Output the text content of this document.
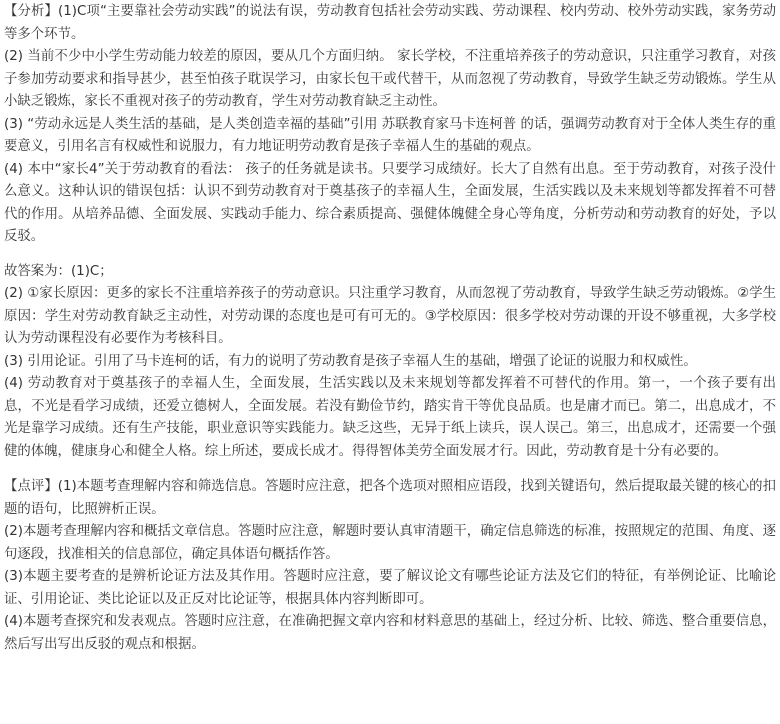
【分析】(1)C项“主要靠社会劳动实践”的说法有误，劳动教育包括社会劳动实践、劳动课程、校内劳动、校外劳动实践，家务劳动等多个环节。

(2) 当前不少中小学生劳动能力较差的原因，要从几个方面归纳。 家长学校，不注重培养孩子的劳动意识，只注重学习教育，对孩子参加劳动要求和指导甚少，甚至怕孩子耽误学习，由家长包干或代替干，从而忽视了劳动教育，导致学生缺乏劳动锻炼。学生从小缺乏锻炼，家长不重视对孩子的劳动教育，学生对劳动教育缺乏主动性。

(3) “劳动永远是人类生活的基础，是人类创造幸福的基础”引用 苏联教育家马卡连柯普 的话，强调劳动教育对于全体人类生存的重要意义，引用名言有权威性和说服力，有力地证明劳动教育是孩子幸福人生的基础的观点。

(4) 本中“家长4”关于劳动教育的看法： 孩子的任务就是读书。只要学习成绩好。长大了自然有出息。至于劳动教育，对孩子没什么意义。这种认识的错误包括：认识不到劳动教育对于奠基孩子的幸福人生，全面发展，生活实践以及未来规划等都发挥着不可替代的作用。从培养品德、全面发展、实践动手能力、综合素质提高、强健体魄健全身心等角度，分析劳动和劳动教育的好处，予以反驳。

故答案为：(1)C；

(2) ①家长原因：更多的家长不注重培养孩子的劳动意识。只注重学习教育，从而忽视了劳动教育，导致学生缺乏劳动锻炼。②学生原因：学生对劳动教育缺乏主动性，对劳动课的态度也是可有可无的。③学校原因：很多学校对劳动课的开设不够重视，大多学校认为劳动课程没有必要作为考核科目。

(3) 引用论证。引用了马卡连柯的话，有力的说明了劳动教育是孩子幸福人生的基础，增强了论证的说服力和权威性。

(4) 劳动教育对于奠基孩子的幸福人生，全面发展，生活实践以及未来规划等都发挥着不可替代的作用。第一，一个孩子要有出息，不光是看学习成绩，还爱立德树人，全面发展。若没有勤俭节约，踏实肯干等优良品质。也是庸才而已。第二，出息成才，不光是靠学习成绩。还有生产技能，职业意识等实践能力。缺乏这些，无异于纸上读兵，误人误己。第三，出息成才，还需要一个强健的体魄，健康身心和健全人格。综上所述，要成长成才。得得智体美劳全面发展才行。因此，劳动教育是十分有必要的。

【点评】(1)本题考查理解内容和筛选信息。答题时应注意，把各个选项对照相应语段，找到关键语句，然后提取最关键的核心的扣题的语句，比照辨析正误。

(2)本题考查理解内容和概括文章信息。答题时应注意，解题时要认真审清题干，确定信息筛选的标准，按照规定的范围、角度、逐句逐段，找准相关的信息部位，确定具体语句概括作答。

(3)本题主要考查的是辨析论证方法及其作用。答题时应注意，要了解议论文有哪些论证方法及它们的特征，有举例论证、比喻论证、引用论证、类比论证以及正反对比论证等，根据具体内容判断即可。

(4)本题考查探究和发表观点。答题时应注意，在准确把握文章内容和材料意思的基础上，经过分析、比较、筛选、整合重要信息，然后写出写出反驳的观点和根据。
